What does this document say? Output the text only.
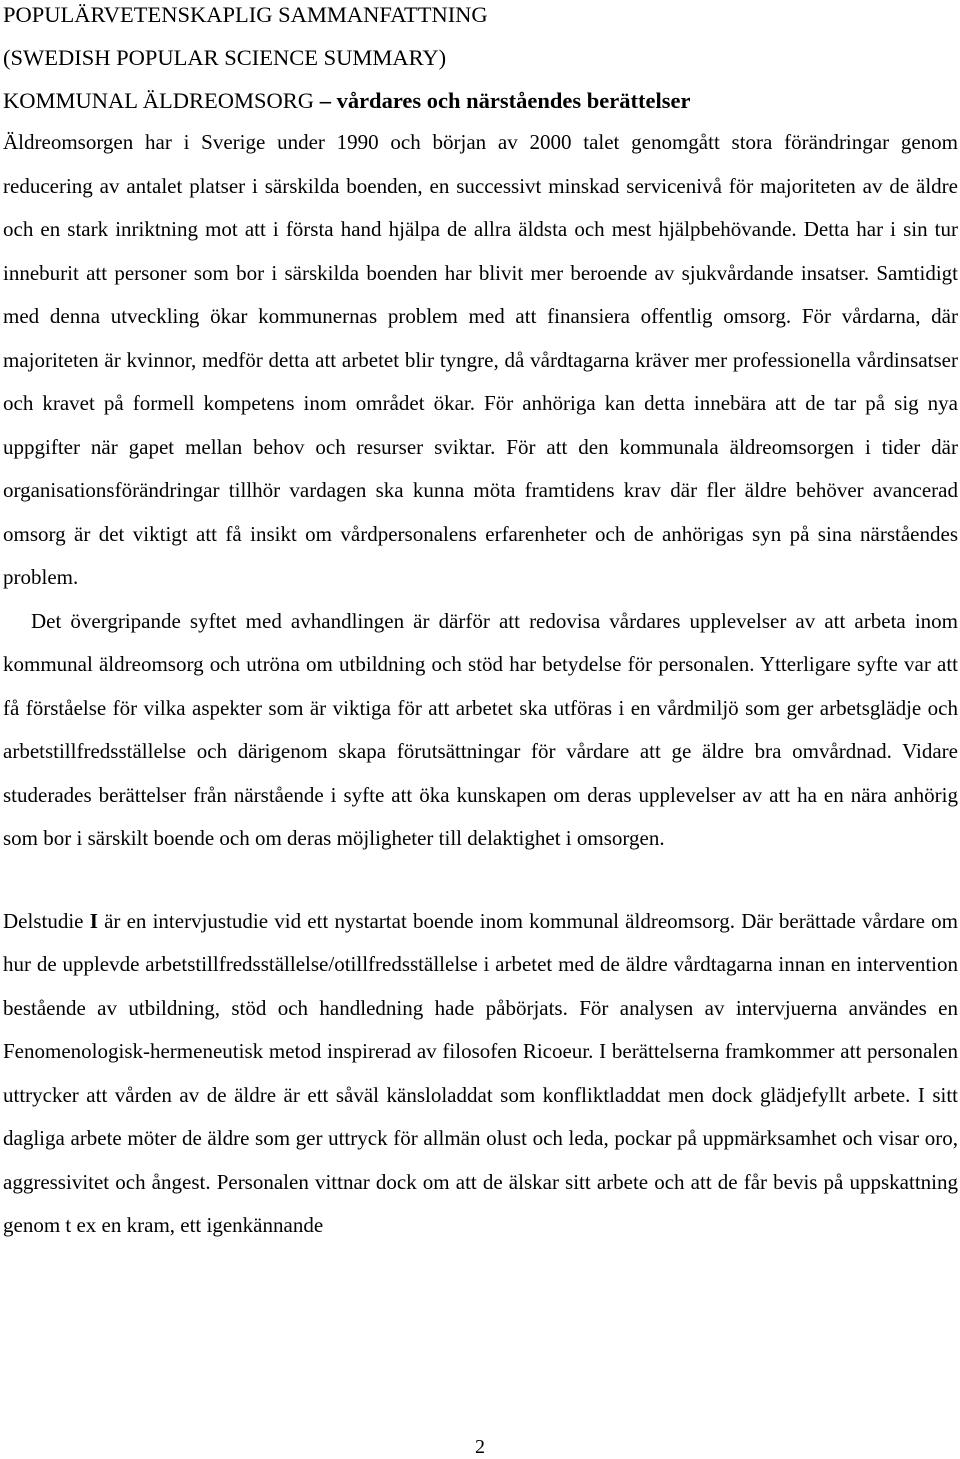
POPULÄRVETENSKAPLIG SAMMANFATTNING
(SWEDISH POPULAR SCIENCE SUMMARY)
KOMMUNAL ÄLDREOMSORG – vårdares och närståendes berättelser

Äldreomsorgen har i Sverige under 1990 och början av 2000 talet genomgått stora förändringar genom reducering av antalet platser i särskilda boenden, en successivt minskad servicenivå för majoriteten av de äldre och en stark inriktning mot att i första hand hjälpa de allra äldsta och mest hjälpbehövande. Detta har i sin tur inneburit att personer som bor i särskilda boenden har blivit mer beroende av sjukvårdande insatser. Samtidigt med denna utveckling ökar kommunernas problem med att finansiera offentlig omsorg. För vårdarna, där majoriteten är kvinnor, medför detta att arbetet blir tyngre, då vårdtagarna kräver mer professionella vårdinsatser och kravet på formell kompetens inom området ökar. För anhöriga kan detta innebära att de tar på sig nya uppgifter när gapet mellan behov och resurser sviktar. För att den kommunala äldreomsorgen i tider där organisationsförändringar tillhör vardagen ska kunna möta framtidens krav där fler äldre behöver avancerad omsorg är det viktigt att få insikt om vårdpersonalens erfarenheter och de anhörigas syn på sina närståendes problem.

Det övergripande syftet med avhandlingen är därför att redovisa vårdares upplevelser av att arbeta inom kommunal äldreomsorg och utröna om utbildning och stöd har betydelse för personalen. Ytterligare syfte var att få förståelse för vilka aspekter som är viktiga för att arbetet ska utföras i en vårdmiljö som ger arbetsglädje och arbetstillfredsställelse och därigenom skapa förutsättningar för vårdare att ge äldre bra omvårdnad. Vidare studerades berättelser från närstående i syfte att öka kunskapen om deras upplevelser av att ha en nära anhörig som bor i särskilt boende och om deras möjligheter till delaktighet i omsorgen.

Delstudie I är en intervjustudie vid ett nystartat boende inom kommunal äldreomsorg. Där berättade vårdare om hur de upplevde arbetstillfredsställelse/otillfredsställelse i arbetet med de äldre vårdtagarna innan en intervention bestående av utbildning, stöd och handledning hade påbörjats. För analysen av intervjuerna användes en Fenomenologisk-hermeneutisk metod inspirerad av filosofen Ricoeur. I berättelserna framkommer att personalen uttrycker att vården av de äldre är ett såväl känsloladdat som konfliktladdat men dock glädjefyllt arbete. I sitt dagliga arbete möter de äldre som ger uttryck för allmän olust och leda, pockar på uppmärksamhet och visar oro, aggressivitet och ångest. Personalen vittnar dock om att de älskar sitt arbete och att de får bevis på uppskattning genom t ex en kram, ett igenkännande

2
